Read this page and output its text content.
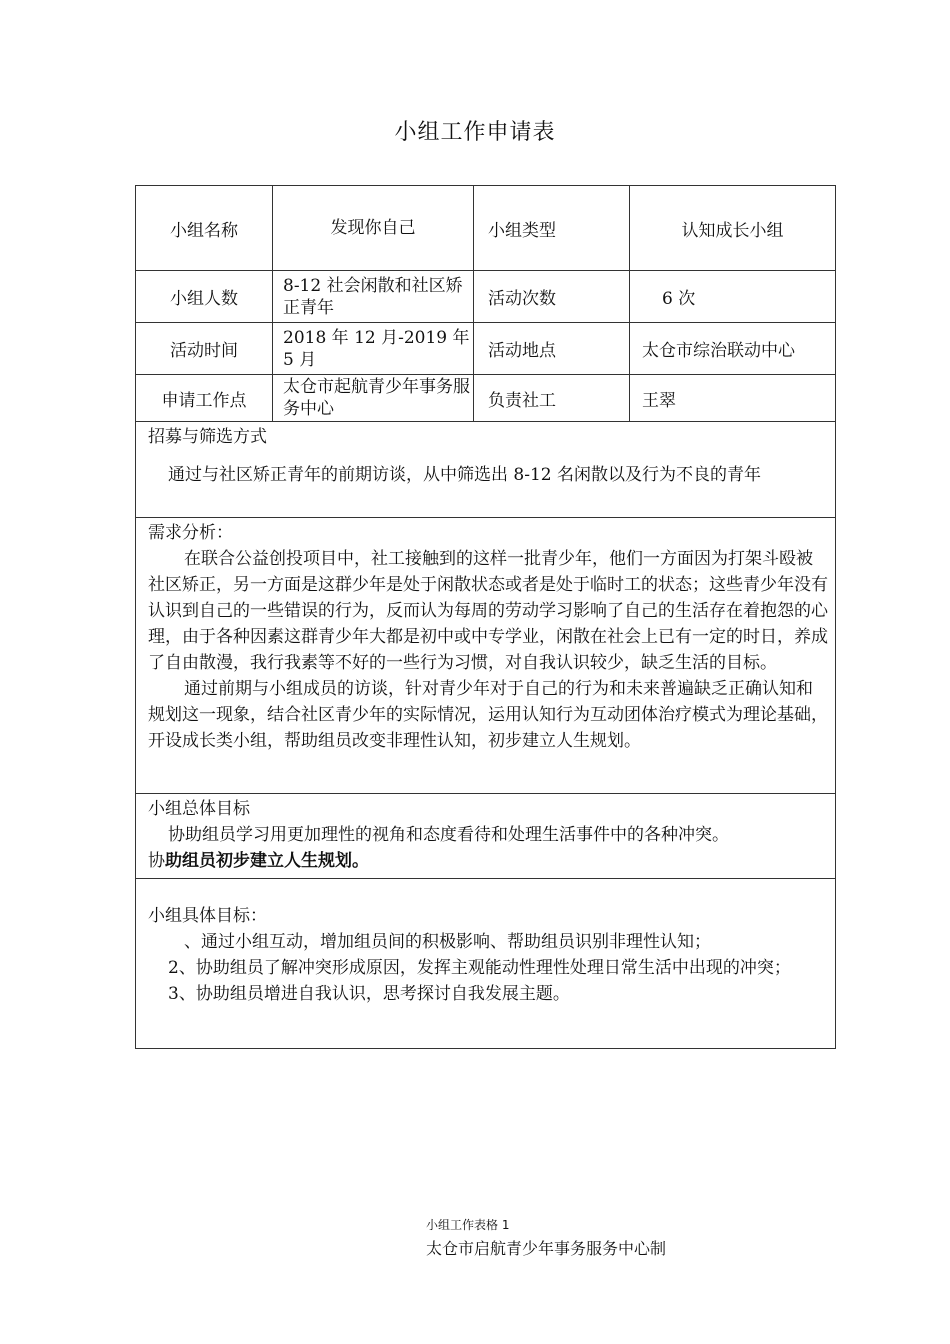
小组工作申请表
小组名称	发现你自己	小组类型	认知成长小组
小组人数	8-12 社会闲散和社区矫正青年	活动次数	6 次
活动时间	2018 年 12 月-2019 年 5 月	活动地点	太仓市综治联动中心
申请工作点	太仓市起航青少年事务服务中心	负责社工	王翠

招募与筛选方式

通过与社区矫正青年的前期访谈，从中筛选出 8-12 名闲散以及行为不良的青年			

需求分析：

在联合公益创投项目中，社工接触到的这样一批青少年，他们一方面因为打架斗殴被社区矫正，另一方面是这群少年是处于闲散状态或者是处于临时工的状态；这些青少年没有认识到自己的一些错误的行为，反而认为每周的劳动学习影响了自己的生活存在着抱怨的心理，由于各种因素这群青少年大都是初中或中专学业，闲散在社会上已有一定的时日，养成了自由散漫，我行我素等不好的一些行为习惯，对自我认识较少，缺乏生活的目标。

通过前期与小组成员的访谈，针对青少年对于自己的行为和未来普遍缺乏正确认知和规划这一现象，结合社区青少年的实际情况，运用认知行为互动团体治疗模式为理论基础，开设成长类小组，帮助组员改变非理性认知，初步建立人生规划。			

小组总体目标

协助组员学习用更加理性的视角和态度看待和处理生活事件中的各种冲突。

协助组员初步建立人生规划。			

小组具体目标：

、通过小组互动，增加组员间的积极影响、帮助组员识别非理性认知；

2、协助组员了解冲突形成原因，发挥主观能动性理性处理日常生活中出现的冲突；

3、协助组员增进自我认识，思考探讨自我发展主题。			

小组工作表格 1
太仓市启航青少年事务服务中心制
